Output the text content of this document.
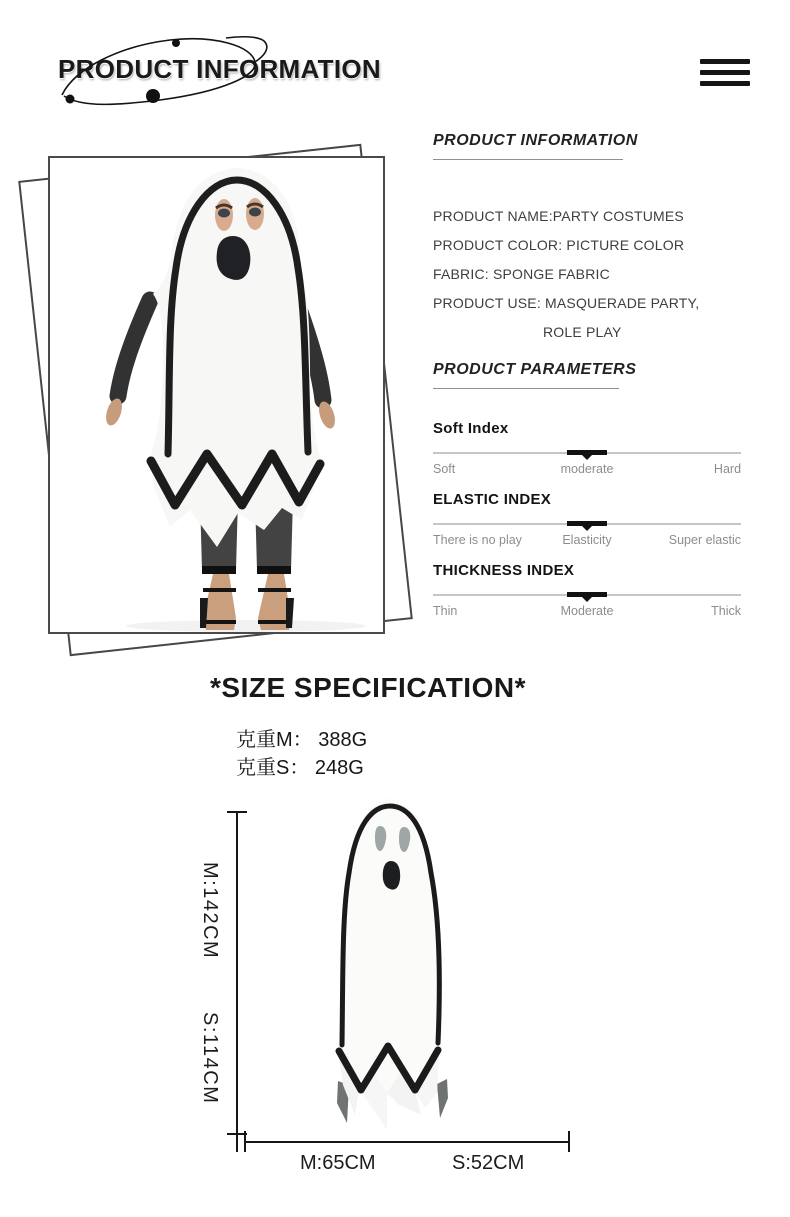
PRODUCT INFORMATION
PRODUCT INFORMATION
PRODUCT NAME:PARTY COSTUMES
PRODUCT COLOR: PICTURE COLOR
FABRIC: SPONGE FABRIC
PRODUCT USE: MASQUERADE PARTY,
ROLE PLAY
PRODUCT PARAMETERS
Soft Index
Soft	moderate	Hard
ELASTIC INDEX
There is no play	Elasticity	Super elastic
THICKNESS INDEX
Thin	Moderate	Thick
*SIZE SPECIFICATION*
克重M： 388G
克重S： 248G
M:142CM
S:114CM
M:65CM	S:52CM
